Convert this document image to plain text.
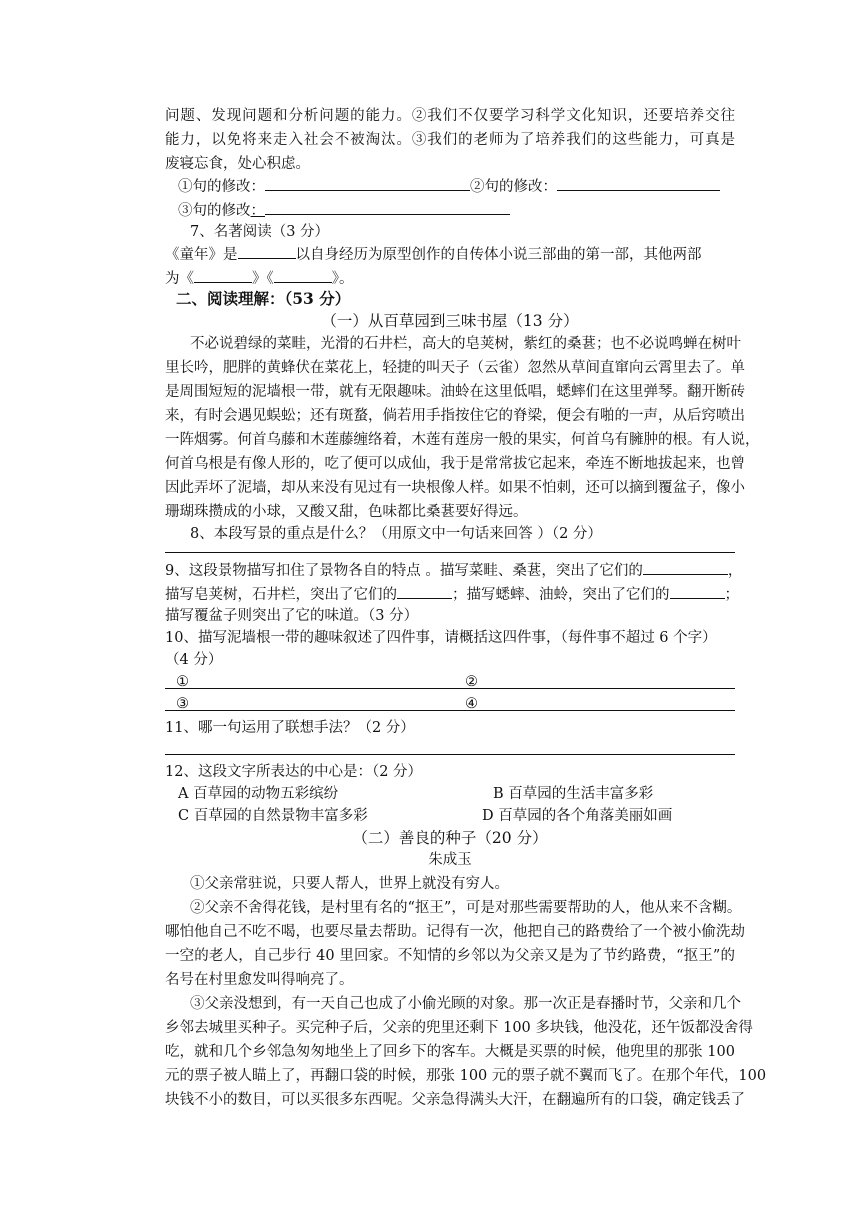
问题、发现问题和分析问题的能力。②我们不仅要学习科学文化知识，还要培养交往
能力，以免将来走入社会不被淘汰。③我们的老师为了培养我们的这些能力，可真是
废寝忘食，处心积虑。
①句的修改：	②句的修改：
③句的修改：
7、名著阅读（3 分）
《童年》是	以自身经历为原型创作的自传体小说三部曲的第一部，其他两部
为《	》《	》。
二、阅读理解：（53 分）
（一）从百草园到三味书屋（13 分）
不必说碧绿的菜畦，光滑的石井栏，高大的皂荚树，紫红的桑葚；也不必说鸣蝉在树叶
里长吟，肥胖的黄蜂伏在菜花上，轻捷的叫天子（云雀）忽然从草间直窜向云霄里去了。单
是周围短短的泥墙根一带，就有无限趣味。油蛉在这里低唱，蟋蟀们在这里弹琴。翻开断砖
来，有时会遇见蜈蚣；还有斑蝥，倘若用手指按住它的脊梁，便会有啪的一声，从后窍喷出
一阵烟雾。何首乌藤和木莲藤缠络着，木莲有莲房一般的果实，何首乌有臃肿的根。有人说，
何首乌根是有像人形的，吃了便可以成仙，我于是常常拔它起来，牵连不断地拔起来，也曾
因此弄坏了泥墙，却从来没有见过有一块根像人样。如果不怕刺，还可以摘到覆盆子，像小
珊瑚珠攒成的小球，又酸又甜，色味都比桑葚要好得远。
8、本段写景的重点是什么？（用原文中一句话来回答 ）（2 分）
9、这段景物描写扣住了景物各自的特点 。描写菜畦、桑葚，突出了它们的	，
描写皂荚树，石井栏，突出了它们的	；描写蟋蟀、油蛉，突出了它们的	；
描写覆盆子则突出了它的味道。（3 分）
10、描写泥墙根一带的趣味叙述了四件事，请概括这四件事，（每件事不超过 6 个字）
（4 分）
①	②
③	④
11、哪一句运用了联想手法？（2 分）
12、这段文字所表达的中心是：（2 分）
A 百草园的动物五彩缤纷	B 百草园的生活丰富多彩
C 百草园的自然景物丰富多彩	D 百草园的各个角落美丽如画
（二）善良的种子（20 分）
朱成玉
①父亲常驻说，只要人帮人，世界上就没有穷人。
②父亲不舍得花钱，是村里有名的“抠王”，可是对那些需要帮助的人，他从来不含糊。
哪怕他自己不吃不喝，也要尽量去帮助。记得有一次，他把自己的路费给了一个被小偷洗劫
一空的老人，自己步行 40 里回家。不知情的乡邻以为父亲又是为了节约路费，“抠王”的
名号在村里愈发叫得响亮了。
③父亲没想到，有一天自己也成了小偷光顾的对象。那一次正是春播时节，父亲和几个
乡邻去城里买种子。买完种子后，父亲的兜里还剩下 100 多块钱，他没花，还午饭都没舍得
吃，就和几个乡邻急匆匆地坐上了回乡下的客车。大概是买票的时候，他兜里的那张 100
元的票子被人瞄上了，再翻口袋的时候，那张 100 元的票子就不翼而飞了。在那个年代，100
块钱不小的数目，可以买很多东西呢。父亲急得满头大汗，在翻遍所有的口袋，确定钱丢了
